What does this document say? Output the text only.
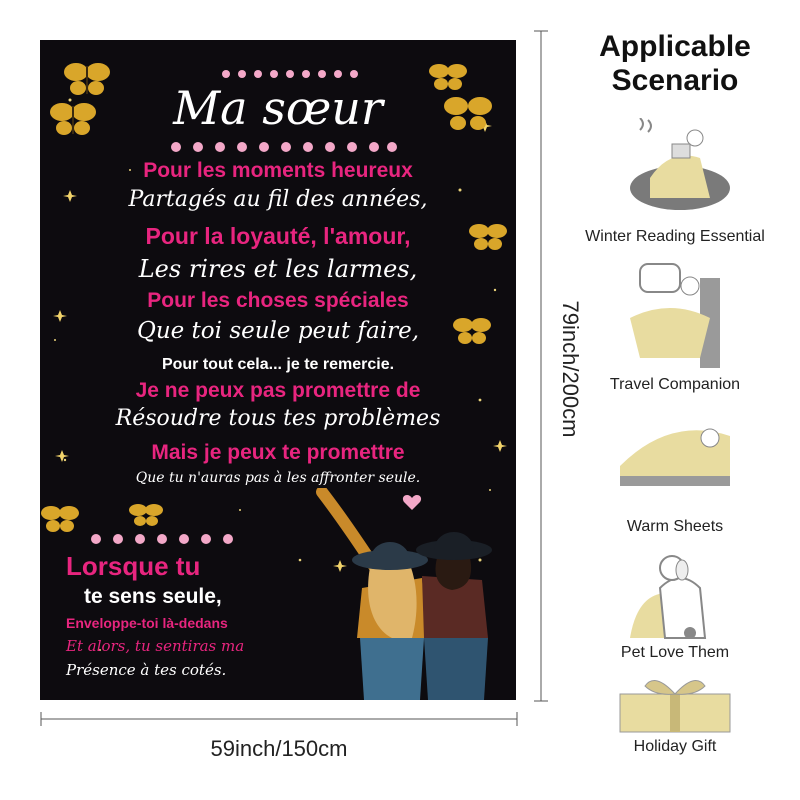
Ma sœur
Pour les moments heureux
Partagés au fil des années,
Pour la loyauté, l'amour,
Les rires et les larmes,
Pour les choses spéciales
Que toi seule peut faire,
Pour tout cela... je te remercie.
Je ne peux pas promettre de
Résoudre tous tes problèmes
Mais je peux te promettre
Que tu n'auras pas à les affronter seule.
Lorsque tu
te sens seule,
Enveloppe-toi là-dedans
Et alors, tu sentiras ma
Présence à tes cotés.
59inch/150cm
79inch/200cm
Applicable
Scenario
Winter Reading Essential
Travel Companion
Warm Sheets
Pet Love Them
Holiday Gift
